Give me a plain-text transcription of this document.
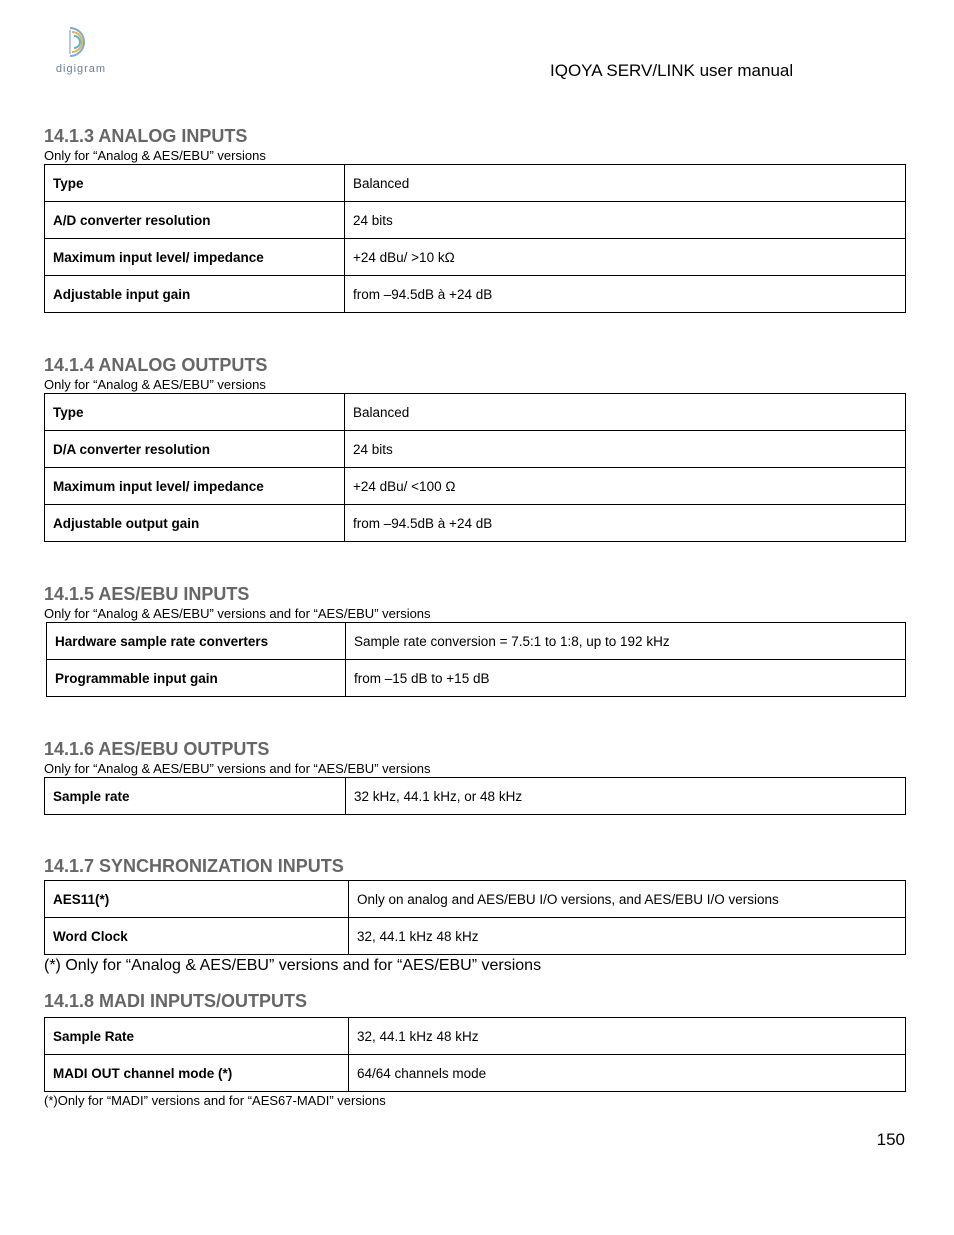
digigram	IQOYA SERV/LINK user manual
14.1.3 ANALOG INPUTS
Only for “Analog & AES/EBU” versions
Type	Balanced
A/D converter resolution	24 bits
Maximum input level/ impedance	+24 dBu/ >10 kΩ
Adjustable input gain	from –94.5dB à +24 dB
14.1.4 ANALOG OUTPUTS
Only for “Analog & AES/EBU” versions
Type	Balanced
D/A converter resolution	24 bits
Maximum input level/ impedance	+24 dBu/ <100 Ω
Adjustable output gain	from –94.5dB à +24 dB
14.1.5 AES/EBU INPUTS
Only for “Analog & AES/EBU” versions and for “AES/EBU” versions
Hardware sample rate converters	Sample rate conversion = 7.5:1 to 1:8, up to 192 kHz
Programmable input gain	from –15 dB to +15 dB
14.1.6 AES/EBU OUTPUTS
Only for “Analog & AES/EBU” versions and for “AES/EBU” versions
Sample rate	32 kHz, 44.1 kHz, or 48 kHz
14.1.7 SYNCHRONIZATION INPUTS
AES11(*)	Only on analog and AES/EBU I/O versions, and AES/EBU I/O versions
Word Clock	32, 44.1 kHz 48 kHz
(*) Only for “Analog & AES/EBU” versions and for “AES/EBU” versions
14.1.8 MADI INPUTS/OUTPUTS
Sample Rate	32, 44.1 kHz 48 kHz
MADI OUT channel mode (*)	64/64 channels mode
(*)Only for “MADI” versions and for “AES67-MADI” versions
150
